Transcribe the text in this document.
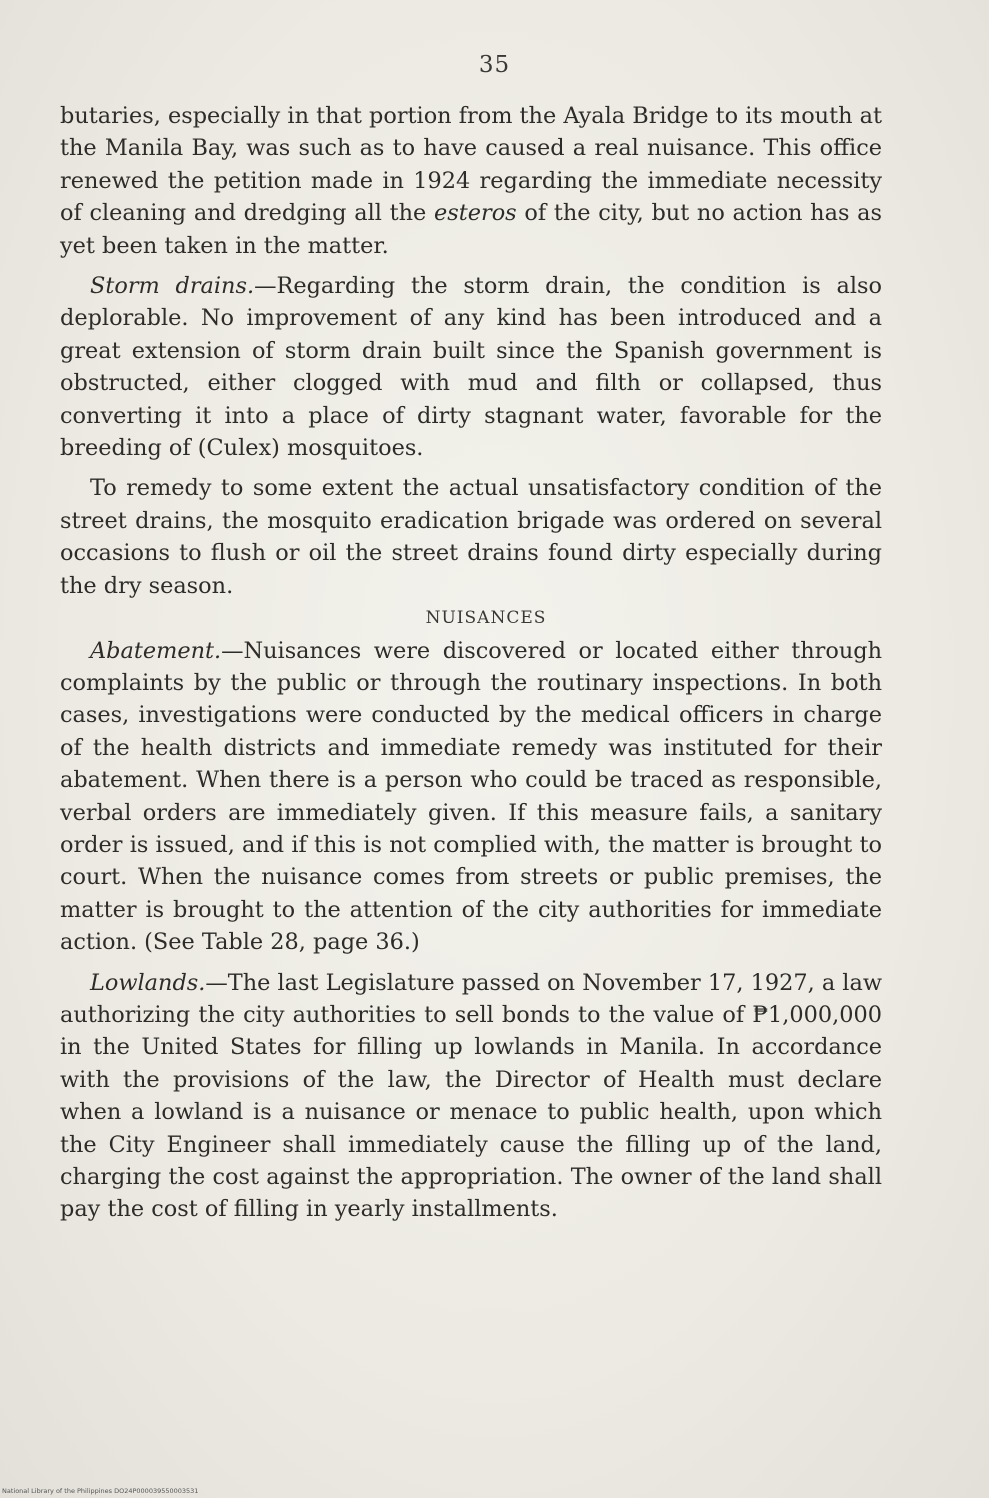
35

butaries, especially in that portion from the Ayala Bridge to its mouth at the Manila Bay, was such as to have caused a real nuisance. This office renewed the petition made in 1924 regarding the immediate necessity of cleaning and dredging all the esteros of the city, but no action has as yet been taken in the matter.

Storm drains.—Regarding the storm drain, the condition is also deplorable. No improvement of any kind has been introduced and a great extension of storm drain built since the Spanish government is obstructed, either clogged with mud and filth or collapsed, thus converting it into a place of dirty stagnant water, favorable for the breeding of (Culex) mosquitoes.

To remedy to some extent the actual unsatisfactory condition of the street drains, the mosquito eradication brigade was ordered on several occasions to flush or oil the street drains found dirty especially during the dry season.

NUISANCES

Abatement.—Nuisances were discovered or located either through complaints by the public or through the routinary inspections. In both cases, investigations were conducted by the medical officers in charge of the health districts and immediate remedy was instituted for their abatement. When there is a person who could be traced as responsible, verbal orders are immediately given. If this measure fails, a sanitary order is issued, and if this is not complied with, the matter is brought to court. When the nuisance comes from streets or public premises, the matter is brought to the attention of the city authorities for immediate action. (See Table 28, page 36.)

Lowlands.—The last Legislature passed on November 17, 1927, a law authorizing the city authorities to sell bonds to the value of ₱1,000,000 in the United States for filling up lowlands in Manila. In accordance with the provisions of the law, the Director of Health must declare when a lowland is a nuisance or menace to public health, upon which the City Engineer shall immediately cause the filling up of the land, charging the cost against the appropriation. The owner of the land shall pay the cost of filling in yearly installments.

National Library of the Philippines DO24P000039550003531
